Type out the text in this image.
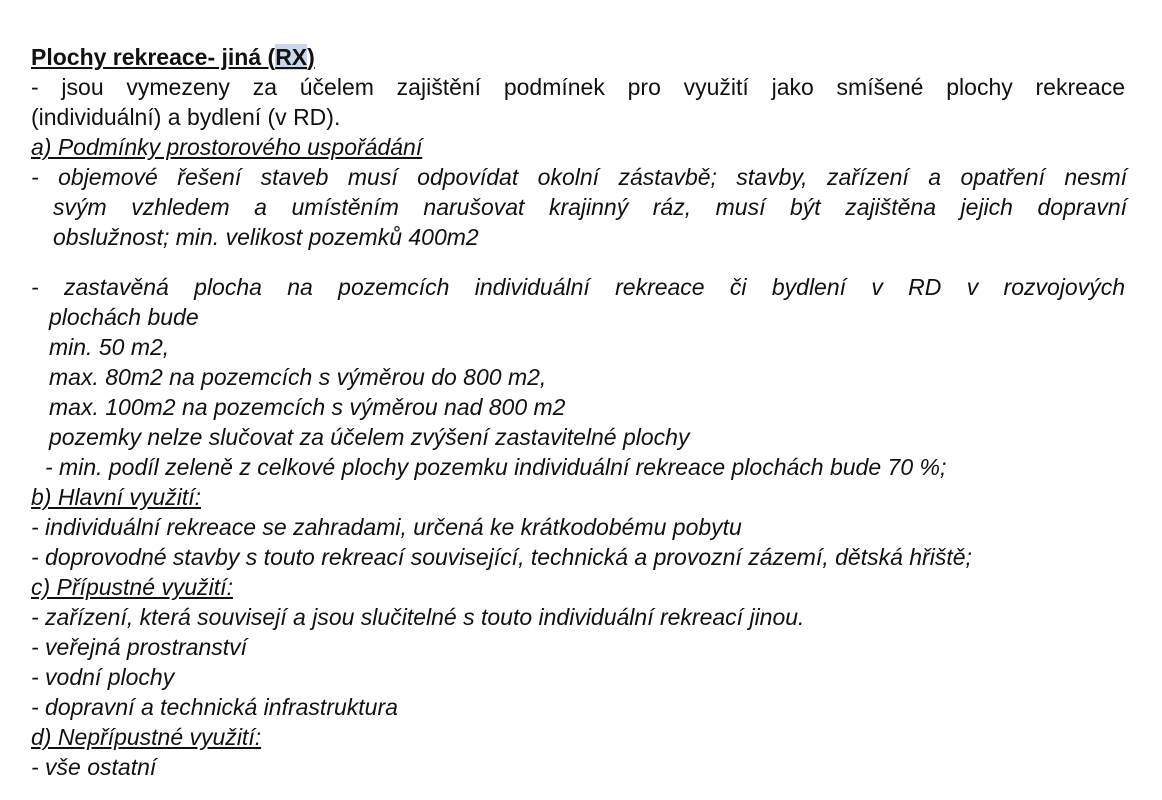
Plochy rekreace- jiná (RX)
- jsou vymezeny za účelem zajištění podmínek pro využití jako smíšené plochy rekreace
(individuální) a bydlení (v RD).
a) Podmínky prostorového uspořádání
- objemové řešení staveb musí odpovídat okolní zástavbě; stavby, zařízení a opatření nesmí
svým vzhledem a umístěním narušovat krajinný ráz, musí být zajištěna jejich dopravní
obslužnost; min. velikost pozemků 400m2
- zastavěná plocha na pozemcích individuální rekreace či bydlení v RD v rozvojových
plochách bude
min. 50 m2,
max. 80m2 na pozemcích s výměrou do 800 m2,
max. 100m2 na pozemcích s výměrou nad 800 m2
pozemky nelze slučovat za účelem zvýšení zastavitelné plochy
- min. podíl zeleně z celkové plochy pozemku individuální rekreace plochách bude 70 %;
b) Hlavní využití:
- individuální rekreace se zahradami, určená ke krátkodobému pobytu
- doprovodné stavby s touto rekreací související, technická a provozní zázemí, dětská hřiště;
c) Přípustné využití:
- zařízení, která souvisejí a jsou slučitelné s touto individuální rekreací jinou.
- veřejná prostranství
- vodní plochy
- dopravní a technická infrastruktura
d) Nepřípustné využití:
- vše ostatní
